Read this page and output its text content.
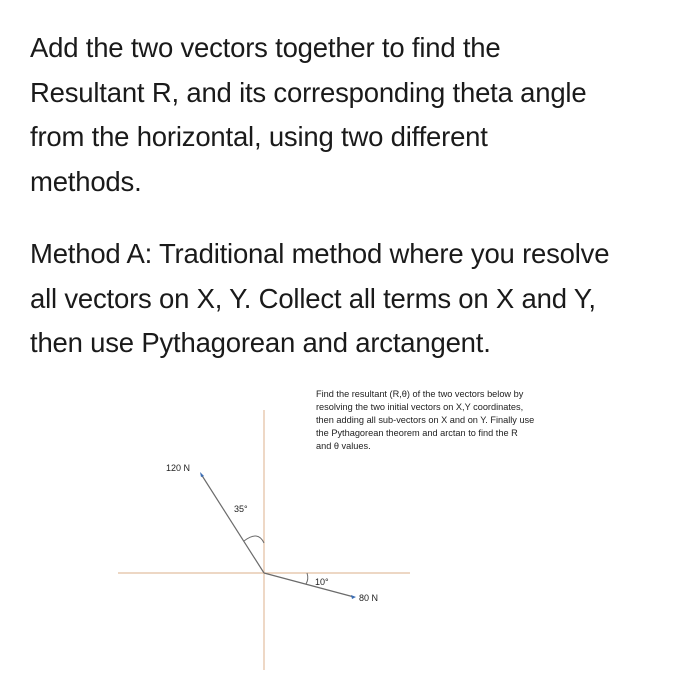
Add the two vectors together to find the
Resultant R, and its corresponding theta angle
from the horizontal, using two different
methods.
Method A: Traditional method where you resolve
all vectors on X, Y. Collect all terms on X and Y,
then use Pythagorean and arctangent.
Find the resultant (R,θ) of the two vectors below by
resolving the two initial vectors on X,Y coordinates,
then adding all sub-vectors on X and on Y. Finally use
the Pythagorean theorem and arctan to find the R
and θ values.
120 N
35°
80 N
10°
